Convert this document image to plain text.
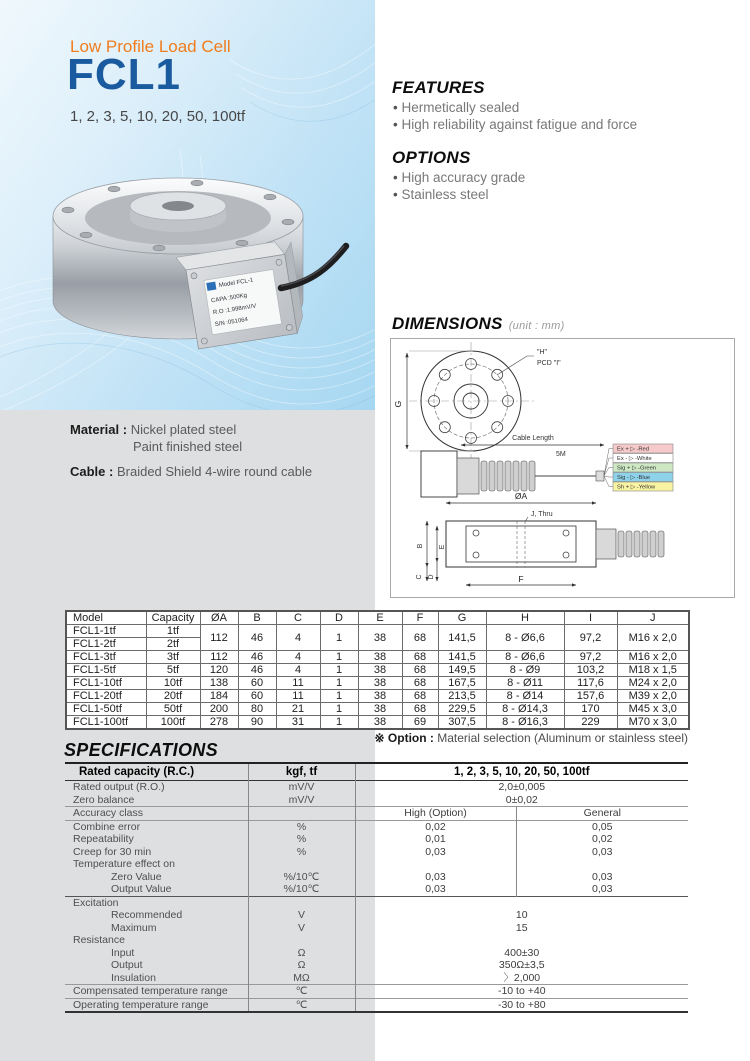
Low Profile Load Cell
FCL1
1, 2, 3, 5, 10, 20, 50, 100tf
Model FCL-1
CAPA :500Kg
R.O :1.998mV/V
S/N :051064
Material : Nickel plated steel
Paint finished steel
Cable : Braided Shield 4-wire round cable
FEATURES
• Hermetically sealed
• High reliability against fatigue and force
OPTIONS
• High accuracy grade
• Stainless steel
DIMENSIONS (unit : mm)
G
"H"
PCD "I"
Cable Length
5M
Ex + ▷ -Red
Ex - ▷ -White
Sig + ▷ -Green
Sig - ▷ -Blue
Sh + ▷ -Yellow
ØA
J, Thru
B E
C D	F
Model	Capacity	ØA	B	C	D	E	F	G	H	I	J
FCL1-1tf	1tf	112	46	4	1	38	68	141,5	8 - Ø6,6	97,2	M16 x 2,0
FCL1-2tf	2tf										
FCL1-3tf	3tf	112	46	4	1	38	68	141,5	8 - Ø6,6	97,2	M16 x 2,0
FCL1-5tf	5tf	120	46	4	1	38	68	149,5	8 - Ø9	103,2	M18 x 1,5
FCL1-10tf	10tf	138	60	11	1	38	68	167,5	8 - Ø11	117,6	M24 x 2,0
FCL1-20tf	20tf	184	60	11	1	38	68	213,5	8 - Ø14	157,6	M39 x 2,0
FCL1-50tf	50tf	200	80	21	1	38	68	229,5	8 - Ø14,3	170	M45 x 3,0
FCL1-100tf	100tf	278	90	31	1	38	69	307,5	8 - Ø16,3	229	M70 x 3,0
※ Option : Material selection (Aluminum or stainless steel)
SPECIFICATIONS
Rated capacity (R.C.)	kgf, tf	1, 2, 3, 5, 10, 20, 50, 100tf	
Rated output (R.O.)	mV/V	2,0±0,005	
Zero balance	mV/V	0±0,02	
Accuracy class		High (Option)	General
Combine error	%	0,02	0,05
Repeatability	%	0,01	0,02
Creep for 30 min	%	0,03	0,03
Temperature effect on			
Zero Value	%/10℃	0,03	0,03
Output Value	%/10℃	0,03	0,03
Excitation			
Recommended	V	10	
Maximum	V	15	
Resistance			
Input	Ω	400±30	
Output	Ω	350Ω±3,5	
Insulation	MΩ	〉2,000	
Compensated temperature range	℃	-10 to +40	
Operating temperature range	℃	-30 to +80	
